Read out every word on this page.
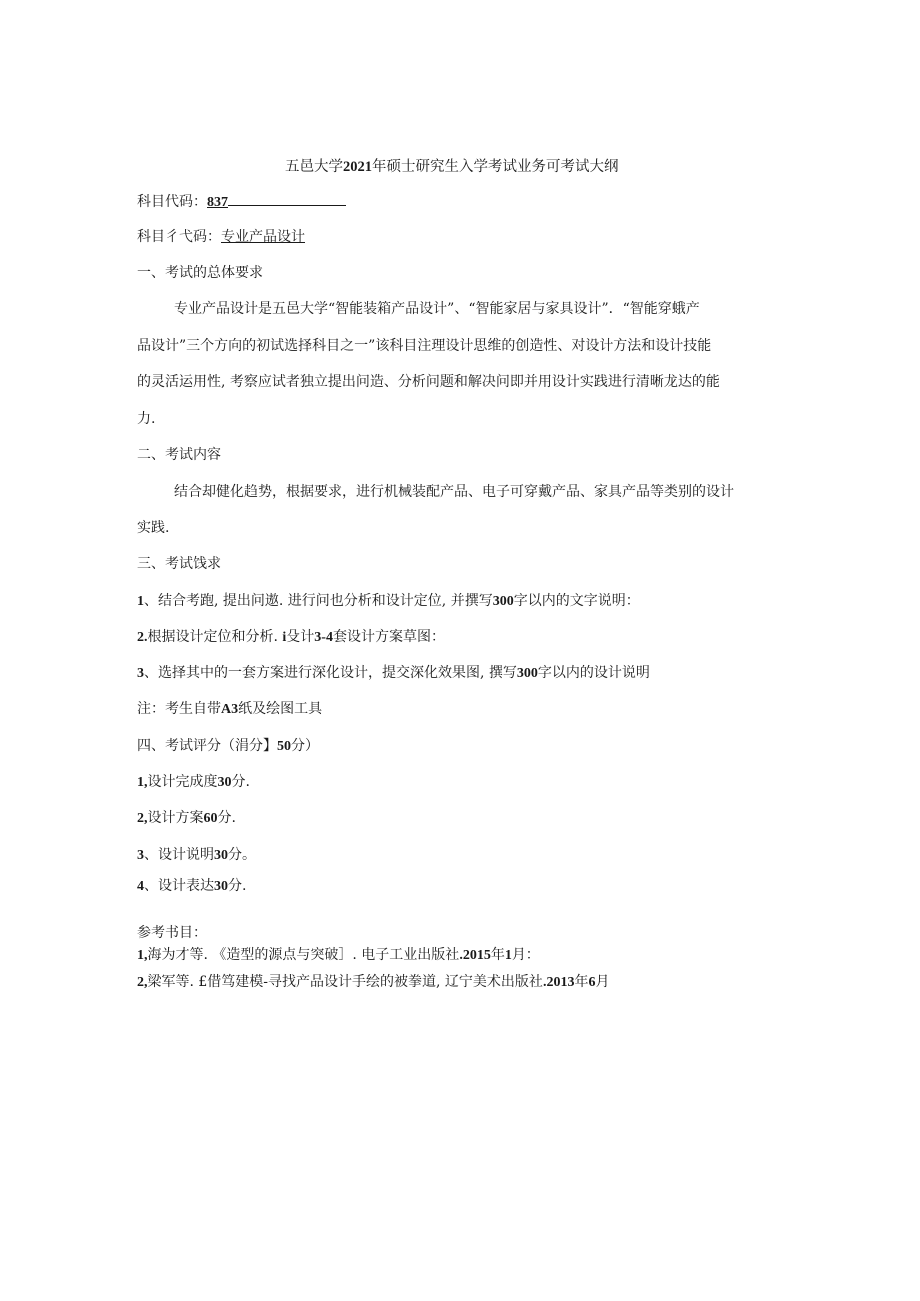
五邑大学2021年硕士研究生入学考试业务可考试大纲
科目代码：837
科目彳弋码：专业产品设计
一、考试的总体要求
专业产品设计是五邑大学“智能装箱产品设计”、“智能家居与家具设计”．“智能穿蛾产
品设计”三个方向的初试选择科目之一”该科目注理设计思维的创造性、对设计方法和设计技能
的灵活运用性, 考察应试者独立提出问造、分析问题和解决问即并用设计实践进行清晰龙达的能
力.
二、考试内容
结合却健化趋势，根据要求，进行机械装配产品、电子可穿戴产品、家具产品等类别的设计
实践.
三、考试饯求
1、结合考跑, 提出问遨. 进行问也分析和设计定位, 并撰写300字以内的文字说明：
2.根据设计定位和分析. i殳计3-4套设计方案草图：
3、选择其中的一套方案进行深化设计，提交深化效果图, 撰写300字以内的设计说明
注：考生自带A3纸及绘图工具
四、考试评分（涓分】50分）
1,设计完成度30分.
2,设计方案60分.
3、设计说明30分。
4、设计表达30分.
参考书目：
1,海为才等. 《造型的源点与突破］. 电子工业出版社.2015年1月：
2,梁军等. £借笃建模-寻找产品设计手绘的被拳道, 辽宁美术出版社.2013年6月
